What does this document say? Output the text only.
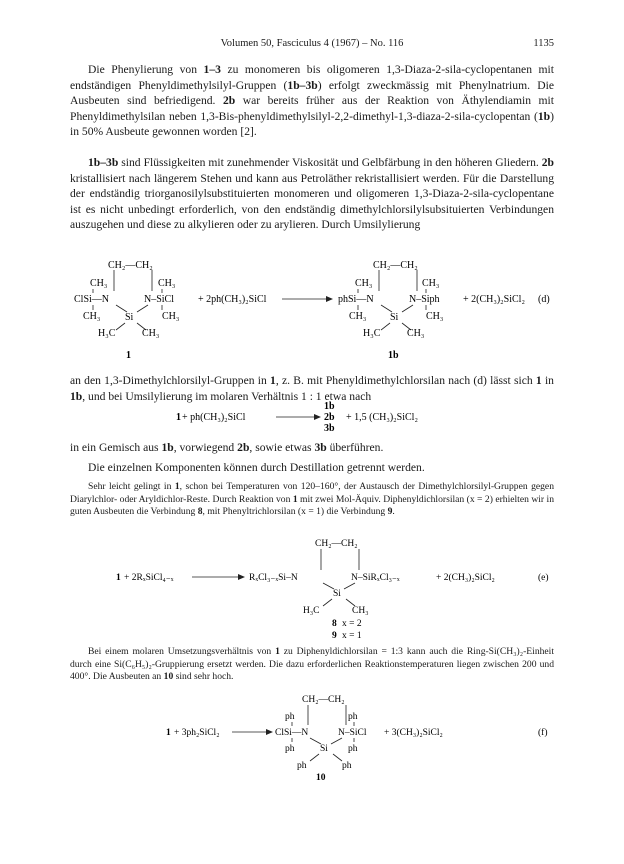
Volumen 50, Fasciculus 4 (1967) – No. 116	1135
Die Phenylierung von 1–3 zu monomeren bis oligomeren 1,3-Diaza-2-sila-cyclopentanen mit endständigen Phenyldimethylsilyl-Gruppen (1b–3b) erfolgt zweckmässig mit Phenylnatrium. Die Ausbeuten sind befriedigend. 2b war bereits früher aus der Reaktion von Äthylendiamin mit Phenyldimethylsilan neben 1,3-Bis-phenyldimethylsilyl-2,2-dimethyl-1,3-diaza-2-sila-cyclopentan (1b) in 50% Ausbeute gewonnen worden [2].
1b–3b sind Flüssigkeiten mit zunehmender Viskosität und Gelbfärbung in den höheren Gliedern. 2b kristallisiert nach längerem Stehen und kann aus Petroläther rekristallisiert werden. Für die Darstellung der endständig triorganosilylsubstituierten monomeren und oligomeren 1,3-Diaza-2-sila-cyclopentane ist es nicht unbedingt erforderlich, von den endständig dimethylchlorsilylsubsituierten Verbindungen auszugehen und diese zu alkylieren oder zu arylieren. Durch Umsilylierung
CH₂—CH₂
CH₃	CH₃
ClSi—N	N–SiCl
CH₃	CH₃
Si
H₃C	CH₃
1
+ 2ph(CH₃)₂SiCl
CH₂—CH₂
CH₃	CH₃
phSi—N	N–Siph
CH₃	CH₃
Si
H₃C	CH₃
1b
+ 2(CH₃)₂SiCl₂ (d)
an den 1,3-Dimethylchlorsilyl-Gruppen in 1, z. B. mit Phenyldimethylchlorsilan nach (d) lässt sich 1 in 1b, und bei Umsilylierung im molaren Verhältnis 1 : 1 etwa nach
1 + ph(CH₃)₂SiCl
1b
2b
3b
+ 1,5 (CH₃)₂SiCl₂
in ein Gemisch aus 1b, vorwiegend 2b, sowie etwas 3b überführen.
Die einzelnen Komponenten können durch Destillation getrennt werden.
Sehr leicht gelingt in 1, schon bei Temperaturen von 120–160°, der Austausch der Dimethylchlorsilyl-Gruppen gegen Diarylchlor- oder Aryldichlor-Reste. Durch Reaktion von 1 mit zwei Mol-Äquiv. Diphenyldichlorsilan (x = 2) erhielten wir in guten Ausbeuten die Verbindung 8, mit Phenyltrichlorsilan (x = 1) die Verbindung 9.
1 + 2RₓSiCl₄₋ₓ
CH₂—CH₂
RₓCl₃₋ₓSi–N	N–SiRₓCl₃₋ₓ
Si
H₃C	CH₃
8 x = 2
9 x = 1
+ 2(CH₃)₂SiCl₂	(e)
Bei einem molaren Umsetzungsverhältnis von 1 zu Diphenyldichlorsilan = 1:3 kann auch die Ring-Si(CH₃)₂-Einheit durch eine Si(C₆H₅)₂-Gruppierung ersetzt werden. Die dazu erforderlichen Reaktionstemperaturen liegen zwischen 200 und 400°. Die Ausbeuten an 10 sind sehr hoch.
1 + 3ph₂SiCl₂
CH₂—CH₂
ph	ph
ClSi—N	N–SiCl
ph	ph
Si
ph	ph
10
+ 3(CH₃)₂SiCl₂	(f)
